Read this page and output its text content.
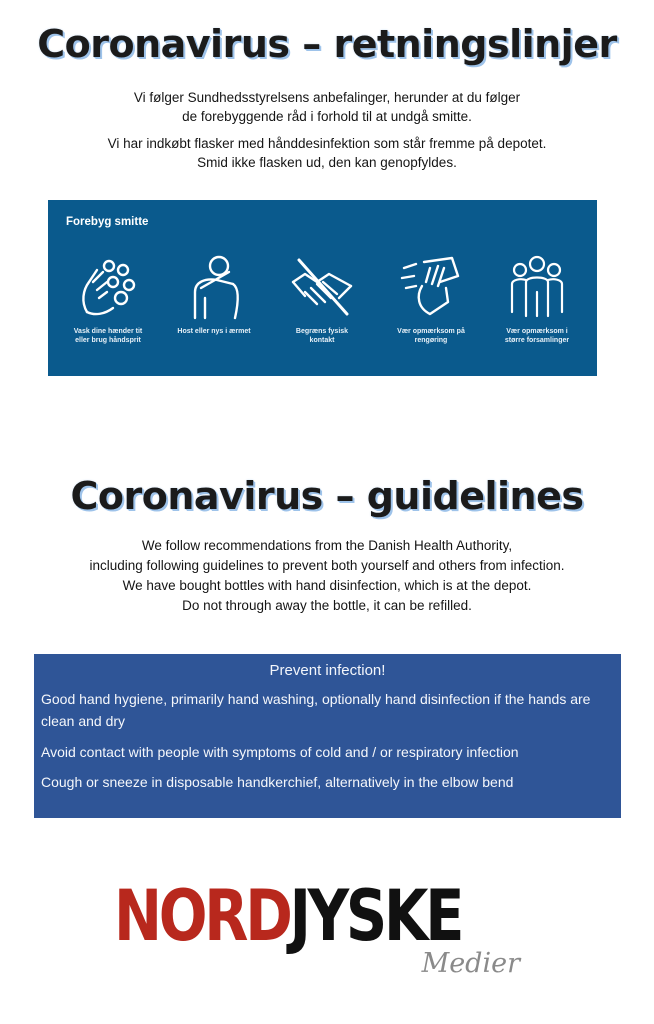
Coronavirus – retningslinjer
Vi følger Sundhedsstyrelsens anbefalinger, herunder at du følger
de forebyggende råd i forhold til at undgå smitte.
Vi har indkøbt flasker med hånddesinfektion som står fremme på depotet.
Smid ikke flasken ud, den kan genopfyldes.
Forebyg smitte
Vask dine hænder tit
eller brug håndsprit
Host eller nys i ærmet	Begræns fysisk
kontakt
Vær opmærksom på
rengøring
Vær opmærksom i
større forsamlinger
Coronavirus – guidelines
We follow recommendations from the Danish Health Authority,
including following guidelines to prevent both yourself and others from infection.
We have bought bottles with hand disinfection, which is at the depot.
Do not through away the bottle, it can be refilled.
Prevent infection!
Good hand hygiene, primarily hand washing, optionally hand disinfection if the hands are clean and dry
Avoid contact with people with symptoms of cold and / or respiratory infection
Cough or sneeze in disposable handkerchief, alternatively in the elbow bend
NORDJYSKE
Medier
